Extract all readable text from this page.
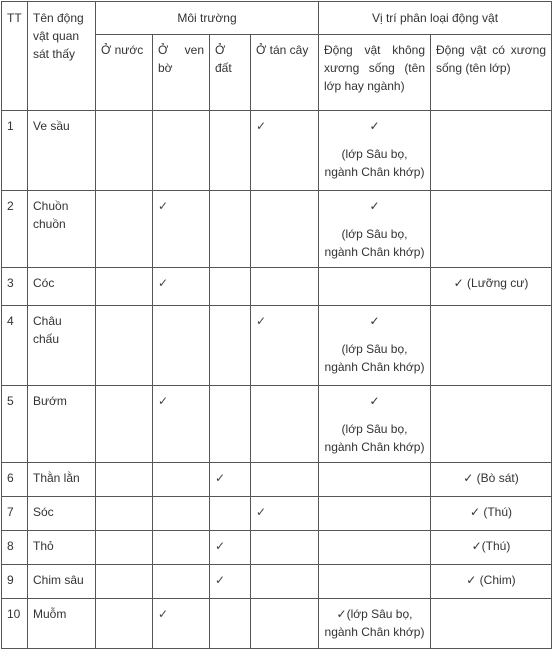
TT	Tên động vật quan sát thấy	Môi trường				Vị trí phân loại động vật	
		Ở nước	Ở ven bờ	Ở đất	Ở tán cây	Động vật không xương sống (tên lớp hay ngành)	Động vật có xương sống (tên lớp)
1	Ve sầu				✓	✓
(lớp Sâu bọ, ngành Chân khớp)	

2	Chuồn chuồn		✓			✓
(lớp Sâu bọ, ngành Chân khớp)	

3	Cóc		✓				✓ (Lưỡng cư)
4	Châu chấu				✓	✓
(lớp Sâu bọ, ngành Chân khớp)	

5	Bướm		✓			✓
(lớp Sâu bọ, ngành Chân khớp)	

6	Thằn lằn			✓			✓ (Bò sát)
7	Sóc				✓		✓ (Thú)
8	Thỏ			✓			✓(Thú)
9	Chim sâu			✓			✓ (Chim)
10	Muỗm		✓			✓(lớp Sâu bọ, ngành Chân khớp)	
